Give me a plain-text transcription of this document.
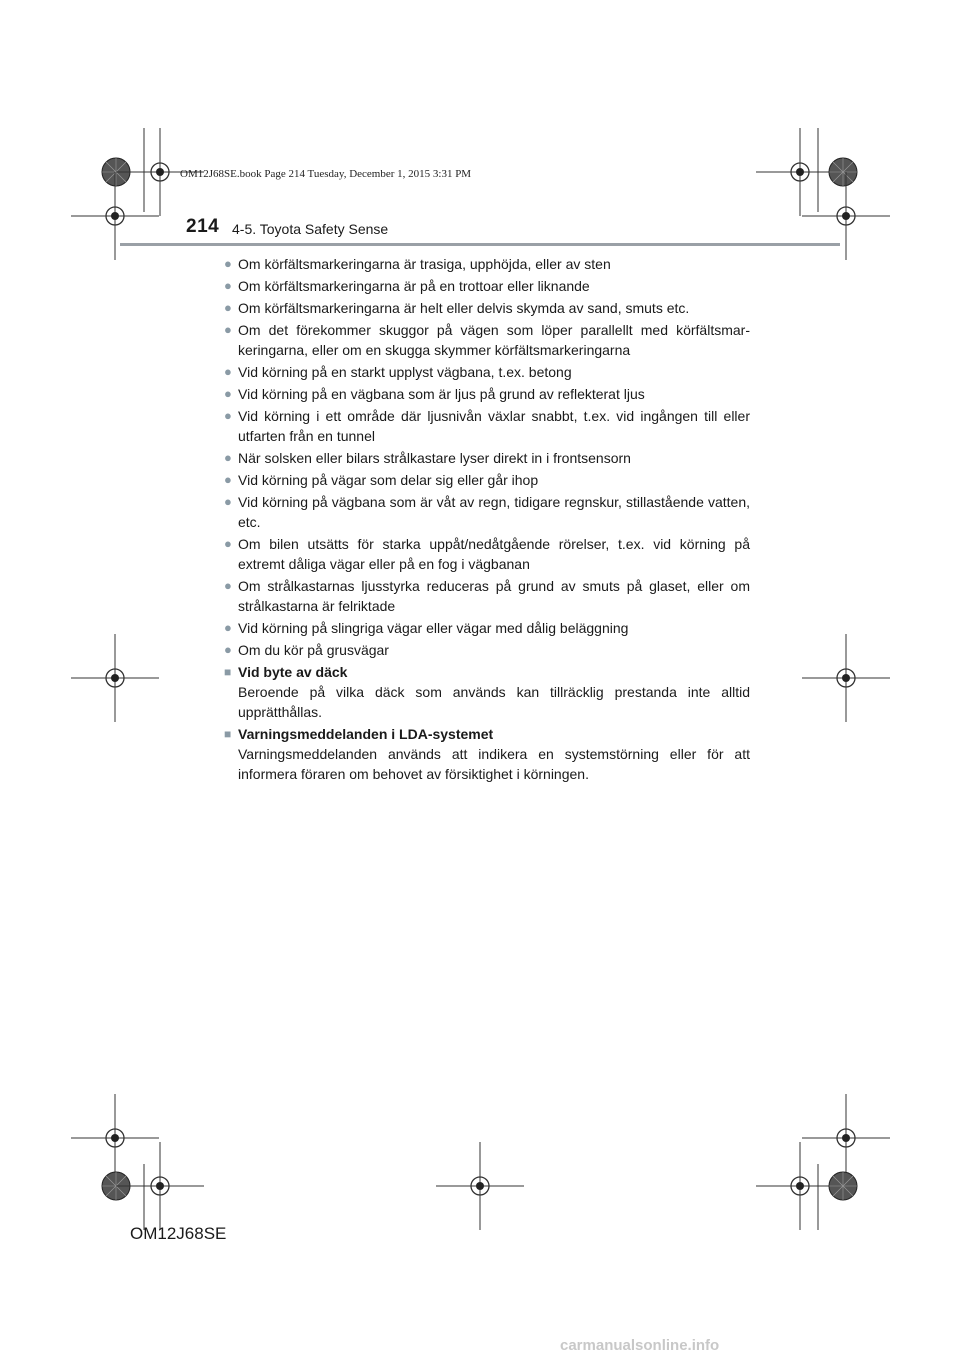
OM12J68SE.book Page 214 Tuesday, December 1, 2015 3:31 PM
214 4-5. Toyota Safety Sense
● Om körfältsmarkeringarna är trasiga, upphöjda, eller av sten
● Om körfältsmarkeringarna är på en trottoar eller liknande
● Om körfältsmarkeringarna är helt eller delvis skymda av sand, smuts etc.
● Om det förekommer skuggor på vägen som löper parallellt med körfältsmar-keringarna, eller om en skugga skymmer körfältsmarkeringarna
● Vid körning på en starkt upplyst vägbana, t.ex. betong
● Vid körning på en vägbana som är ljus på grund av reflekterat ljus
● Vid körning i ett område där ljusnivån växlar snabbt, t.ex. vid ingången till eller utfarten från en tunnel
● När solsken eller bilars strålkastare lyser direkt in i frontsensorn
● Vid körning på vägar som delar sig eller går ihop
● Vid körning på vägbana som är våt av regn, tidigare regnskur, stillastående vatten, etc.
● Om bilen utsätts för starka uppåt/nedåtgående rörelser, t.ex. vid körning på extremt dåliga vägar eller på en fog i vägbanan
● Om strålkastarnas ljusstyrka reduceras på grund av smuts på glaset, eller om strålkastarna är felriktade
● Vid körning på slingriga vägar eller vägar med dålig beläggning
● Om du kör på grusvägar
■ Vid byte av däck
Beroende på vilka däck som används kan tillräcklig prestanda inte alltid upprätthållas.
■ Varningsmeddelanden i LDA-systemet
Varningsmeddelanden används att indikera en systemstörning eller för att informera föraren om behovet av försiktighet i körningen.
OM12J68SE
carmanualsonline.info
